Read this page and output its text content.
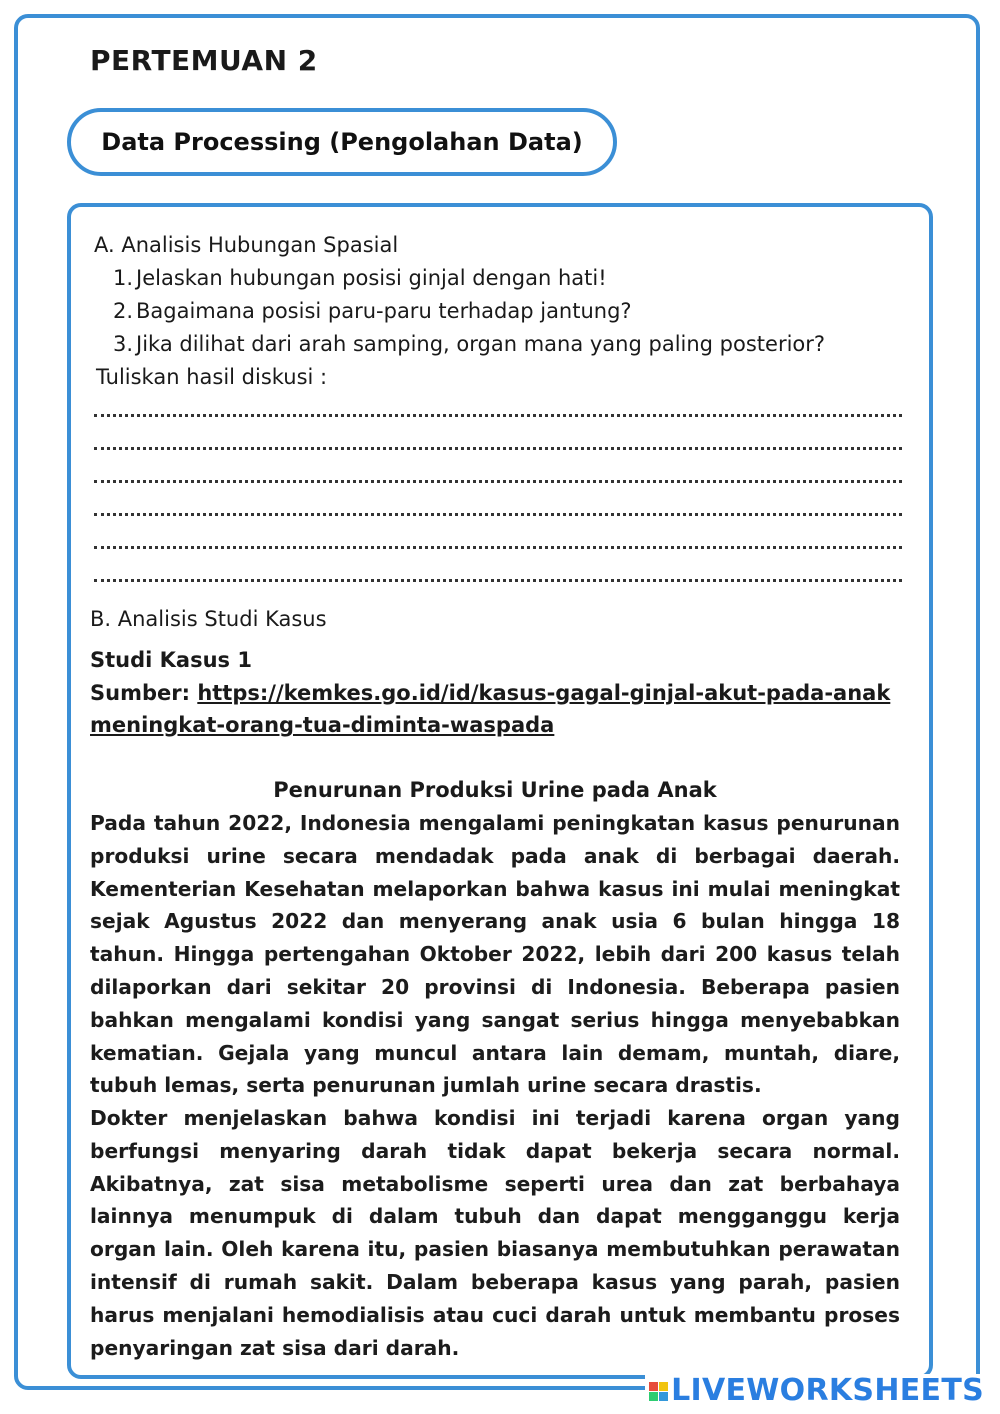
PERTEMUAN 2
Data Processing (Pengolahan Data)
A. Analisis Hubungan Spasial
1. Jelaskan hubungan posisi ginjal dengan hati!
2. Bagaimana posisi paru-paru terhadap jantung?
3. Jika dilihat dari arah samping, organ mana yang paling posterior?
Tuliskan hasil diskusi :
B. Analisis Studi Kasus
Studi Kasus 1
Sumber: https://kemkes.go.id/id/kasus-gagal-ginjal-akut-pada-anak
meningkat-orang-tua-diminta-waspada
Penurunan Produksi Urine pada Anak

Pada tahun 2022, Indonesia mengalami peningkatan kasus penurunan produksi urine secara mendadak pada anak di berbagai daerah. Kementerian Kesehatan melaporkan bahwa kasus ini mulai meningkat sejak Agustus 2022 dan menyerang anak usia 6 bulan hingga 18 tahun. Hingga pertengahan Oktober 2022, lebih dari 200 kasus telah dilaporkan dari sekitar 20 provinsi di Indonesia. Beberapa pasien bahkan mengalami kondisi yang sangat serius hingga menyebabkan kematian. Gejala yang muncul antara lain demam, muntah, diare, tubuh lemas, serta penurunan jumlah urine secara drastis.

Dokter menjelaskan bahwa kondisi ini terjadi karena organ yang berfungsi menyaring darah tidak dapat bekerja secara normal. Akibatnya, zat sisa metabolisme seperti urea dan zat berbahaya lainnya menumpuk di dalam tubuh dan dapat mengganggu kerja organ lain. Oleh karena itu, pasien biasanya membutuhkan perawatan intensif di rumah sakit. Dalam beberapa kasus yang parah, pasien harus menjalani hemodialisis atau cuci darah untuk membantu proses penyaringan zat sisa dari darah.

LIVEWORKSHEETS
